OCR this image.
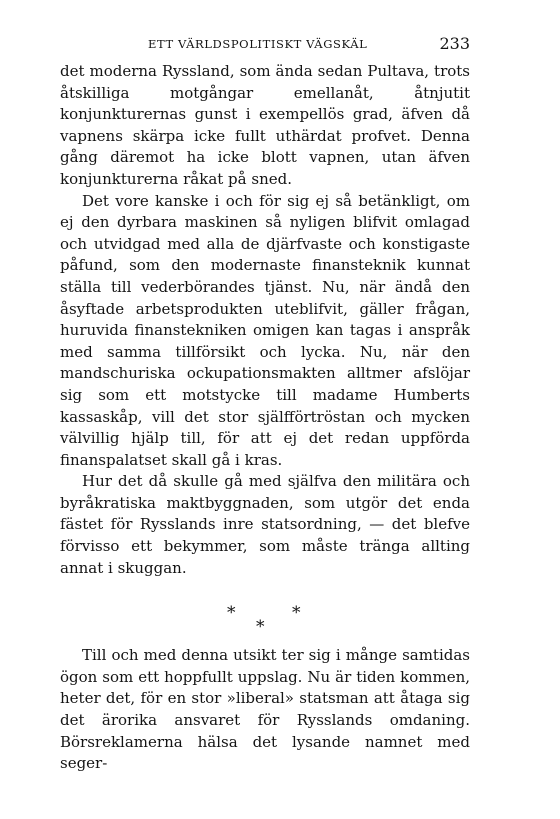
ETT VÄRLDSPOLITISKT VÄGSKÄL	233

det moderna Ryssland, som ända sedan Pultava, trots åtskilliga motgångar emellanåt, åtnjutit konjunkturernas gunst i exempellös grad, äfven då vapnens skärpa icke fullt uthärdat profvet. Denna gång däremot ha icke blott vapnen, utan äfven konjunkturerna råkat på sned.

Det vore kanske i och för sig ej så betänkligt, om ej den dyrbara maskinen så nyligen blifvit omlagad och utvidgad med alla de djärfvaste och konstigaste påfund, som den modernaste finansteknik kunnat ställa till vederbörandes tjänst. Nu, när ändå den åsyftade arbetsprodukten uteblifvit, gäller frågan, huruvida finanstekniken omigen kan tagas i anspråk med samma tillförsikt och lycka. Nu, när den mandschuriska ockupationsmakten alltmer afslöjar sig som ett motstycke till madame Humberts kassaskåp, vill det stor själfförtröstan och mycken välvillig hjälp till, för att ej det redan uppförda finanspalatset skall gå i kras.

Hur det då skulle gå med själfva den militära och byråkratiska maktbyggnaden, som utgör det enda fästet för Rysslands inre statsordning, — det blefve förvisso ett bekymmer, som måste tränga allting annat i skuggan.

*
*
*

Till och med denna utsikt ter sig i månge samtidas ögon som ett hoppfullt uppslag. Nu är tiden kommen, heter det, för en stor »liberal» statsman att åtaga sig det ärorika ansvaret för Rysslands omdaning. Börsreklamerna hälsa det lysande namnet med seger-
